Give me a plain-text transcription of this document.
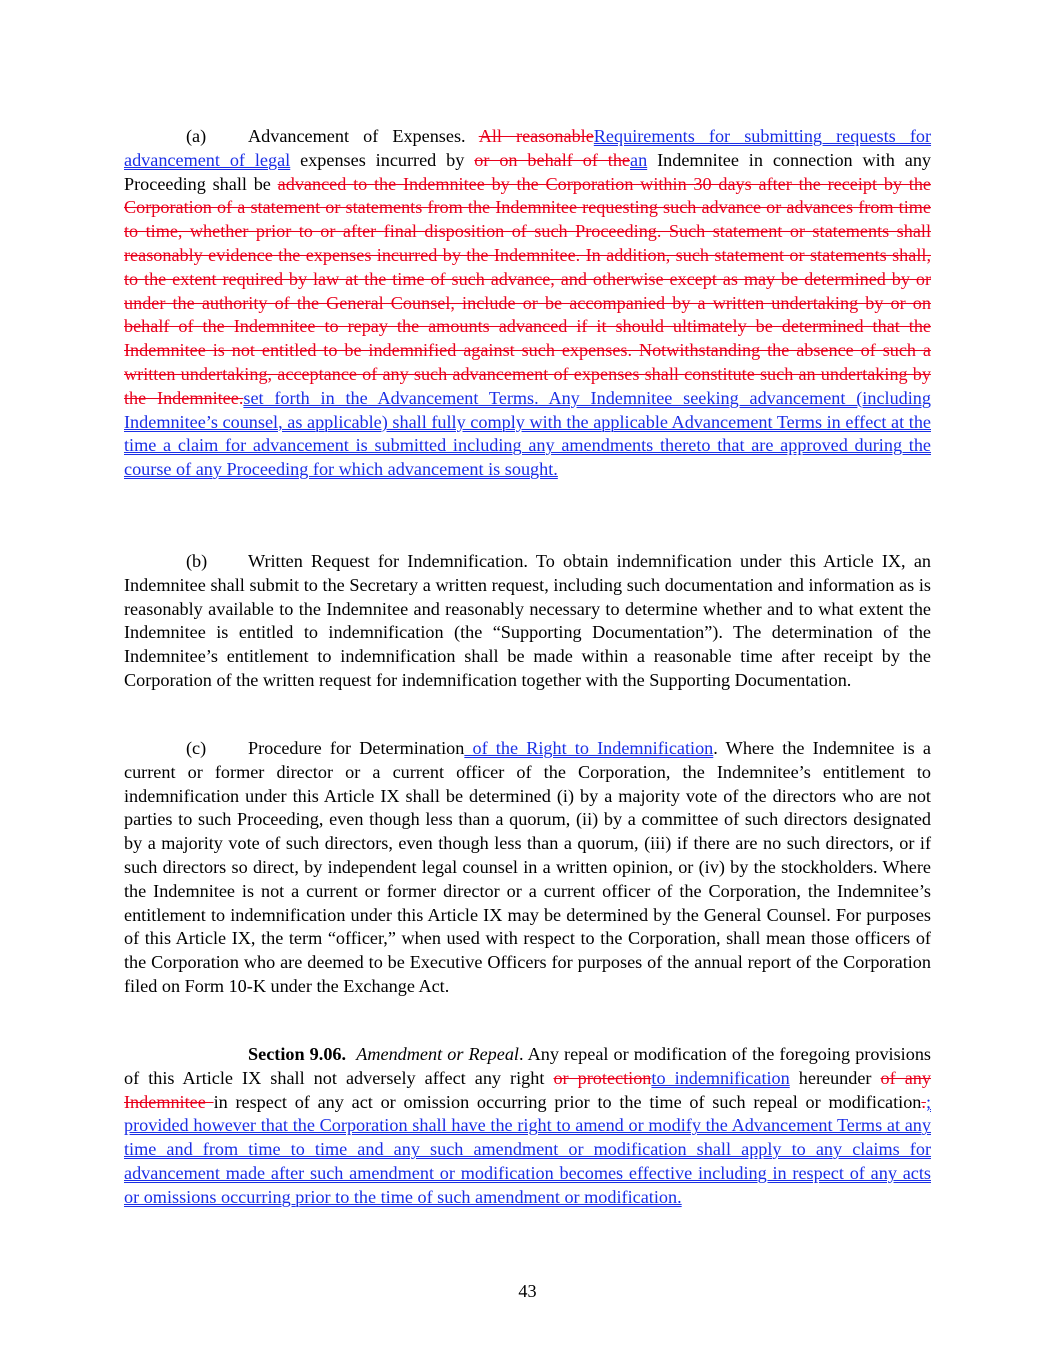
(a) Advancement of Expenses. All reasonableRequirements for submitting requests for advancement of legal expenses incurred by or on behalf of thean Indemnitee in connection with any Proceeding shall be advanced to the Indemnitee by the Corporation within 30 days after the receipt by the Corporation of a statement or statements from the Indemnitee requesting such advance or advances from time to time, whether prior to or after final disposition of such Proceeding. Such statement or statements shall reasonably evidence the expenses incurred by the Indemnitee. In addition, such statement or statements shall, to the extent required by law at the time of such advance, and otherwise except as may be determined by or under the authority of the General Counsel, include or be accompanied by a written undertaking by or on behalf of the Indemnitee to repay the amounts advanced if it should ultimately be determined that the Indemnitee is not entitled to be indemnified against such expenses. Notwithstanding the absence of such a written undertaking, acceptance of any such advancement of expenses shall constitute such an undertaking by the Indemnitee.set forth in the Advancement Terms. Any Indemnitee seeking advancement (including Indemnitee’s counsel, as applicable) shall fully comply with the applicable Advancement Terms in effect at the time a claim for advancement is submitted including any amendments thereto that are approved during the course of any Proceeding for which advancement is sought.

(b) Written Request for Indemnification. To obtain indemnification under this Article IX, an Indemnitee shall submit to the Secretary a written request, including such documentation and information as is reasonably available to the Indemnitee and reasonably necessary to determine whether and to what extent the Indemnitee is entitled to indemnification (the “Supporting Documentation”). The determination of the Indemnitee’s entitlement to indemnification shall be made within a reasonable time after receipt by the Corporation of the written request for indemnification together with the Supporting Documentation.

(c) Procedure for Determination of the Right to Indemnification. Where the Indemnitee is a current or former director or a current officer of the Corporation, the Indemnitee’s entitlement to indemnification under this Article IX shall be determined (i) by a majority vote of the directors who are not parties to such Proceeding, even though less than a quorum, (ii) by a committee of such directors designated by a majority vote of such directors, even though less than a quorum, (iii) if there are no such directors, or if such directors so direct, by independent legal counsel in a written opinion, or (iv) by the stockholders. Where the Indemnitee is not a current or former director or a current officer of the Corporation, the Indemnitee’s entitlement to indemnification under this Article IX may be determined by the General Counsel. For purposes of this Article IX, the term “officer,” when used with respect to the Corporation, shall mean those officers of the Corporation who are deemed to be Executive Officers for purposes of the annual report of the Corporation filed on Form 10-K under the Exchange Act.

Section 9.06. Amendment or Repeal. Any repeal or modification of the foregoing provisions of this Article IX shall not adversely affect any right or protectionto indemnification hereunder of any Indemnitee in respect of any act or omission occurring prior to the time of such repeal or modification.; provided however that the Corporation shall have the right to amend or modify the Advancement Terms at any time and from time to time and any such amendment or modification shall apply to any claims for advancement made after such amendment or modification becomes effective including in respect of any acts or omissions occurring prior to the time of such amendment or modification.

43
